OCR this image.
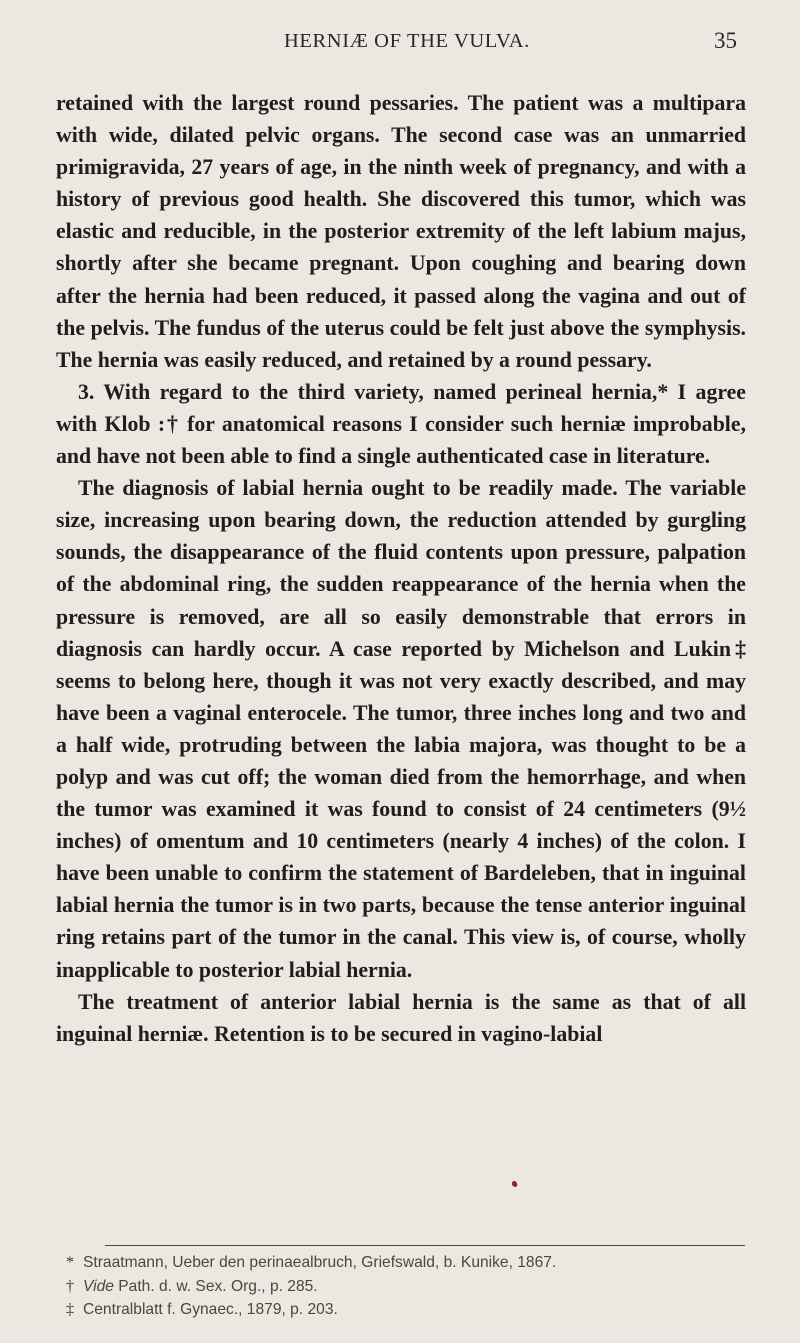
HERNIÆ OF THE VULVA.	35

retained with the largest round pessaries. The patient was a multipara with wide, dilated pelvic organs. The second case was an unmarried primigravida, 27 years of age, in the ninth week of pregnancy, and with a history of previous good health. She discovered this tumor, which was elastic and reducible, in the posterior extremity of the left labium majus, shortly after she became pregnant. Upon coughing and bearing down after the hernia had been reduced, it passed along the vagina and out of the pelvis. The fundus of the uterus could be felt just above the symphysis. The hernia was easily reduced, and retained by a round pessary.

3. With regard to the third variety, named perineal hernia,* I agree with Klob :† for anatomical reasons I consider such herniæ improbable, and have not been able to find a single authenticated case in literature.

The diagnosis of labial hernia ought to be readily made. The variable size, increasing upon bearing down, the reduction attended by gurgling sounds, the disappearance of the fluid contents upon pressure, palpation of the abdominal ring, the sudden reappearance of the hernia when the pressure is removed, are all so easily demonstrable that errors in diagnosis can hardly occur. A case reported by Michelson and Lukin‡ seems to belong here, though it was not very exactly described, and may have been a vaginal enterocele. The tumor, three inches long and two and a half wide, protruding between the labia majora, was thought to be a polyp and was cut off; the woman died from the hemorrhage, and when the tumor was examined it was found to consist of 24 centimeters (9½ inches) of omentum and 10 centimeters (nearly 4 inches) of the colon. I have been unable to confirm the statement of Bardeleben, that in inguinal labial hernia the tumor is in two parts, because the tense anterior inguinal ring retains part of the tumor in the canal. This view is, of course, wholly inapplicable to posterior labial hernia.

The treatment of anterior labial hernia is the same as that of all inguinal herniæ. Retention is to be secured in vagino-labial

* Straatmann, Ueber den perinaealbruch, Griefswald, b. Kunike, 1867.
† Vide Path. d. w. Sex. Org., p. 285.
‡ Centralblatt f. Gynaec., 1879, p. 203.
